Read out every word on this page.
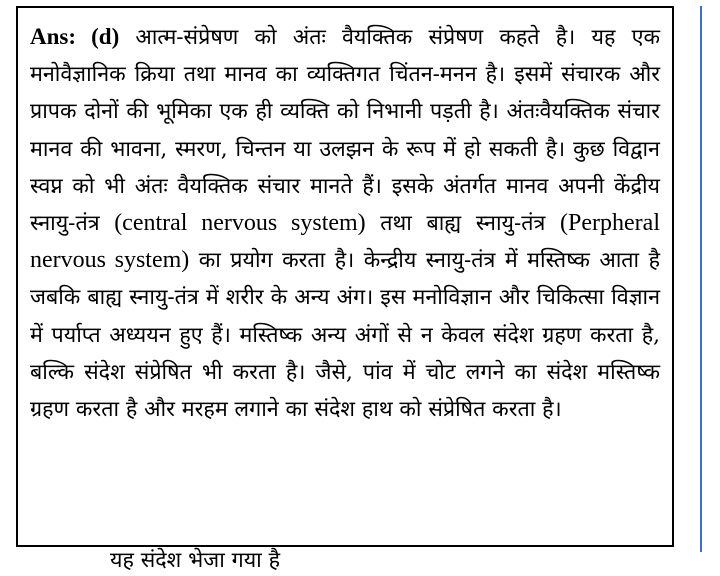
Ans: (d) आत्म-संप्रेषण को अंतः वैयक्तिक संप्रेषण कहते है। यह एक मनोवैज्ञानिक क्रिया तथा मानव का व्यक्तिगत चिंतन-मनन है। इसमें संचारक और प्रापक दोनों की भूमिका एक ही व्यक्ति को निभानी पड़ती है। अंतःवैयक्तिक संचार मानव की भावना, स्मरण, चिन्तन या उलझन के रूप में हो सकती है। कुछ विद्वान स्वप्न को भी अंतः वैयक्तिक संचार मानते हैं। इसके अंतर्गत मानव अपनी केंद्रीय स्नायु-तंत्र (central nervous system) तथा बाह्य स्नायु-तंत्र (Perpheral nervous system) का प्रयोग करता है। केन्द्रीय स्नायु-तंत्र में मस्तिष्क आता है जबकि बाह्य स्नायु-तंत्र में शरीर के अन्य अंग। इस मनोविज्ञान और चिकित्सा विज्ञान में पर्याप्त अध्ययन हुए हैं। मस्तिष्क अन्य अंगों से न केवल संदेश ग्रहण करता है, बल्कि संदेश संप्रेषित भी करता है। जैसे, पांव में चोट लगने का संदेश मस्तिष्क ग्रहण करता है और मरहम लगाने का संदेश हाथ को संप्रेषित करता है।

यह संदेश भेजा गया है
